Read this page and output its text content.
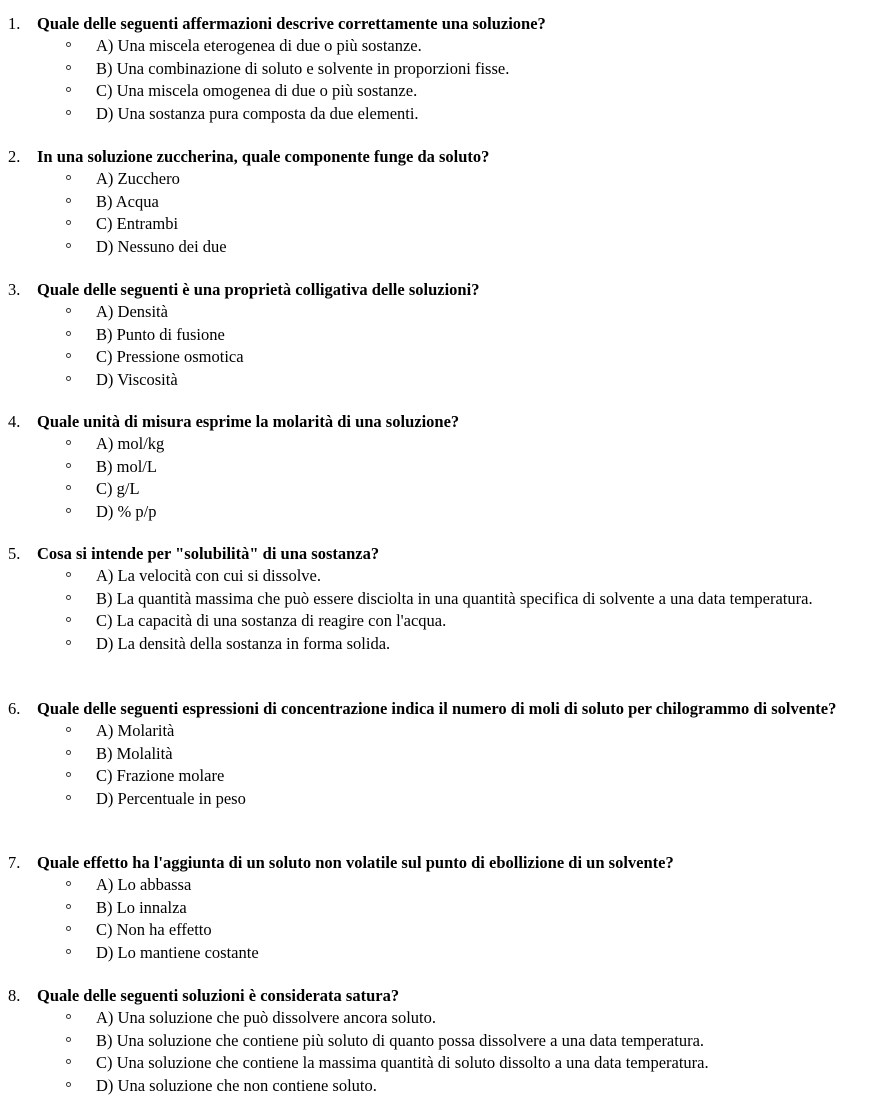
1. Quale delle seguenti affermazioni descrive correttamente una soluzione?
A) Una miscela eterogenea di due o più sostanze.
B) Una combinazione di soluto e solvente in proporzioni fisse.
C) Una miscela omogenea di due o più sostanze.
D) Una sostanza pura composta da due elementi.
2. In una soluzione zuccherina, quale componente funge da soluto?
A) Zucchero
B) Acqua
C) Entrambi
D) Nessuno dei due
3. Quale delle seguenti è una proprietà colligativa delle soluzioni?
A) Densità
B) Punto di fusione
C) Pressione osmotica
D) Viscosità
4. Quale unità di misura esprime la molarità di una soluzione?
A) mol/kg
B) mol/L
C) g/L
D) % p/p
5. Cosa si intende per "solubilità" di una sostanza?
A) La velocità con cui si dissolve.
B) La quantità massima che può essere disciolta in una quantità specifica di solvente a una data temperatura.
C) La capacità di una sostanza di reagire con l'acqua.
D) La densità della sostanza in forma solida.
6. Quale delle seguenti espressioni di concentrazione indica il numero di moli di soluto per chilogrammo di solvente?
A) Molarità
B) Molalità
C) Frazione molare
D) Percentuale in peso
7. Quale effetto ha l'aggiunta di un soluto non volatile sul punto di ebollizione di un solvente?
A) Lo abbassa
B) Lo innalza
C) Non ha effetto
D) Lo mantiene costante
8. Quale delle seguenti soluzioni è considerata satura?
A) Una soluzione che può dissolvere ancora soluto.
B) Una soluzione che contiene più soluto di quanto possa dissolvere a una data temperatura.
C) Una soluzione che contiene la massima quantità di soluto dissolto a una data temperatura.
D) Una soluzione che non contiene soluto.
